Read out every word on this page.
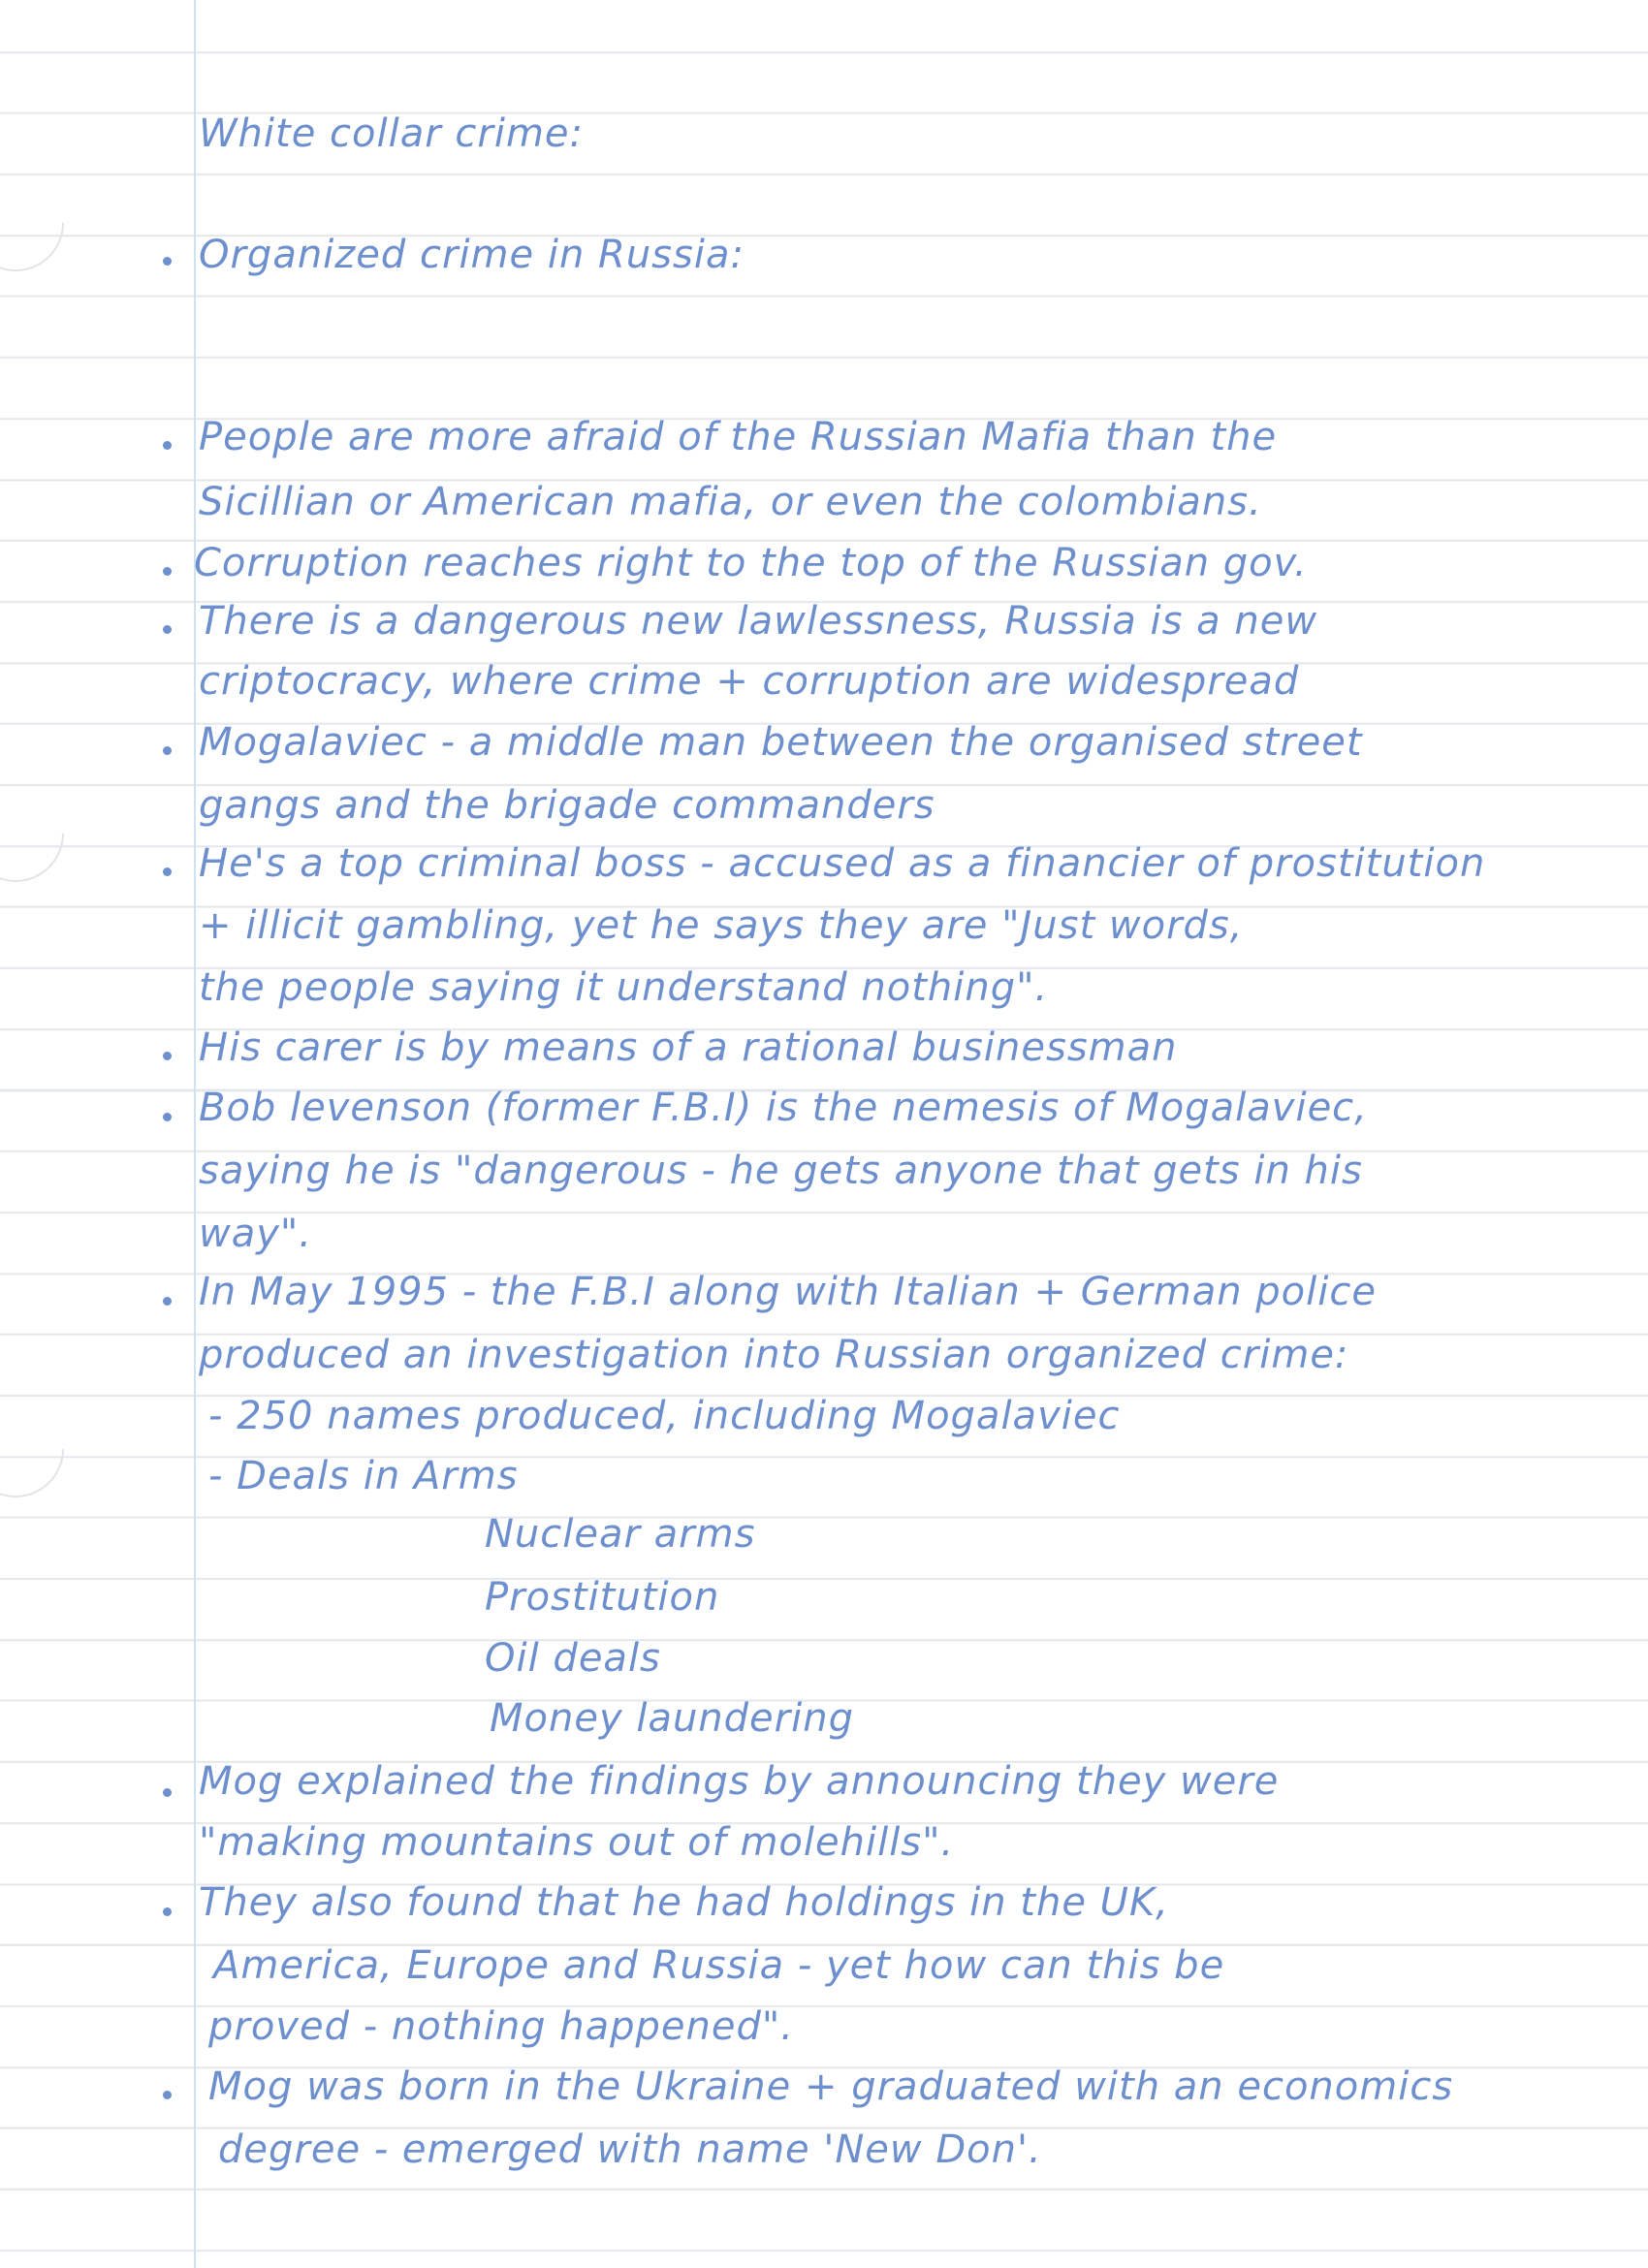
White collar crime:
Organized crime in Russia:
People are more afraid of the Russian Mafia than the
Sicillian or American mafia, or even the colombians.
Corruption reaches right to the top of the Russian gov.
There is a dangerous new lawlessness, Russia is a new
criptocracy, where crime + corruption are widespread
Mogalaviec - a middle man between the organised street
gangs and the brigade commanders
He's a top criminal boss - accused as a financier of prostitution
+ illicit gambling, yet he says they are "Just words,
the people saying it understand nothing".
His carer is by means of a rational businessman
Bob levenson (former F.B.I) is the nemesis of Mogalaviec,
saying he is "dangerous - he gets anyone that gets in his
way".
In May 1995 - the F.B.I along with Italian + German police
produced an investigation into Russian organized crime:
- 250 names produced, including Mogalaviec
- Deals in Arms
Nuclear arms
Prostitution
Oil deals
Money laundering
Mog explained the findings by announcing they were
"making mountains out of molehills".
They also found that he had holdings in the UK,
America, Europe and Russia - yet how can this be
proved - nothing happened".
Mog was born in the Ukraine + graduated with an economics
degree - emerged with name 'New Don'.
